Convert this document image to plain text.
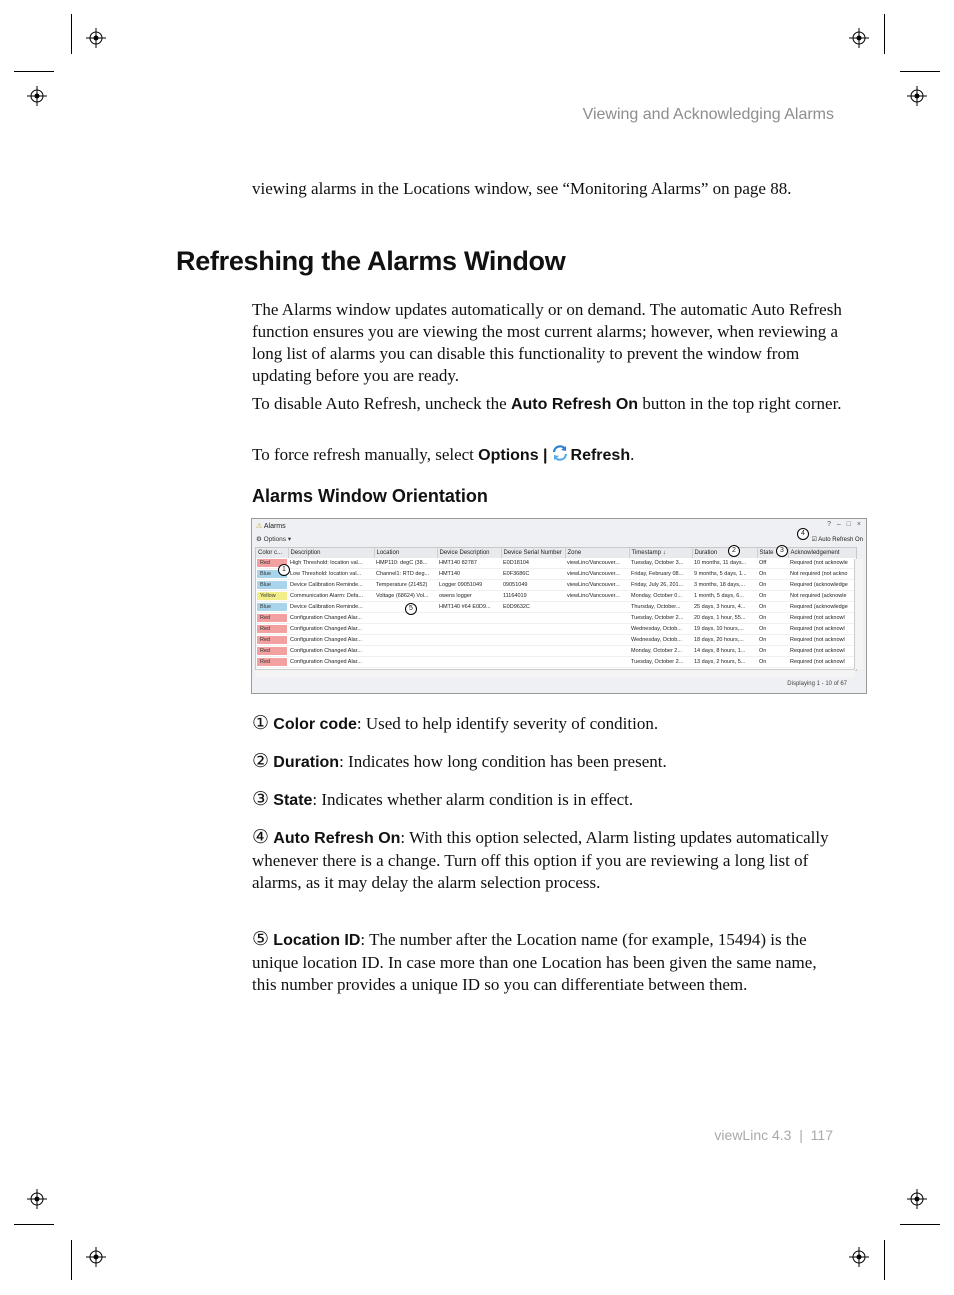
Viewing and Acknowledging Alarms
viewing alarms in the Locations window, see “Monitoring Alarms” on page 88.
Refreshing the Alarms Window
The Alarms window updates automatically or on demand. The automatic Auto Refresh function ensures you are viewing the most current alarms; however, when reviewing a long list of alarms you can disable this functionality to prevent the window from updating before you are ready.
To disable Auto Refresh, uncheck the Auto Refresh On button in the top right corner.
To force refresh manually, select Options | Refresh.
Alarms Window Orientation
⚠ Alarms	? – □ ×
⚙ Options ▾	☑ Auto Refresh On
Color c...	Description	Location	Device Description	Device Serial Number	Zone	Timestamp ↓	Duration	State	Acknowledgement

Red	High Threshold: location val...	HMP110: degC (38...	HMT140 82787	E0D18104	viewLinc/Vancouver...	Tuesday, October 3...	10 months, 11 days...	Off	Required (not acknowle

Blue	Low Threshold: location val...	Channel1: RTD deg...	HMT140	E0F3686C	viewLinc/Vancouver...	Friday, February 08...	9 months, 5 days, 1...	On	Not required (not ackno

Blue	Device Calibration Reminde...	Temperature (21452)	Logger 09051049	09051049	viewLinc/Vancouver...	Friday, July 26, 201...	3 months, 18 days,...	On	Required (acknowledge

Yellow	Communication Alarm: Defa...	Voltage (68624) Vol...	owens logger	11164019	viewLinc/Vancouver...	Monday, October 0...	1 month, 5 days, 6...	On	Not required (acknowle

Blue	Device Calibration Reminde...		HMT140 #64 E0D9...	E0D9632C		Thursday, October...	25 days, 3 hours, 4...	On	Required (acknowledge

Red	Configuration Changed Alar...					Tuesday, October 2...	20 days, 1 hour, 55...	On	Required (not acknowl

Red	Configuration Changed Alar...					Wednesday, Octob...	19 days, 10 hours,...	On	Required (not acknowl

Red	Configuration Changed Alar...					Wednesday, Octob...	18 days, 20 hours,...	On	Required (not acknowl

Red	Configuration Changed Alar...					Monday, October 2...	14 days, 8 hours, 1...	On	Required (not acknowl

Red	Configuration Changed Alar...					Tuesday, October 2...	13 days, 2 hours, 5...	On	Required (not acknowl
Displaying 1 - 10 of 67
1
2	3
4
5
① Color code: Used to help identify severity of condition.
② Duration: Indicates how long condition has been present.
③ State: Indicates whether alarm condition is in effect.
④ Auto Refresh On: With this option selected, Alarm listing updates automatically whenever there is a change. Turn off this option if you are reviewing a long list of alarms, as it may delay the alarm selection process.
⑤ Location ID: The number after the Location name (for example, 15494) is the unique location ID. In case more than one Location has been given the same name, this number provides a unique ID so you can differentiate between them.
viewLinc 4.3 | 117
